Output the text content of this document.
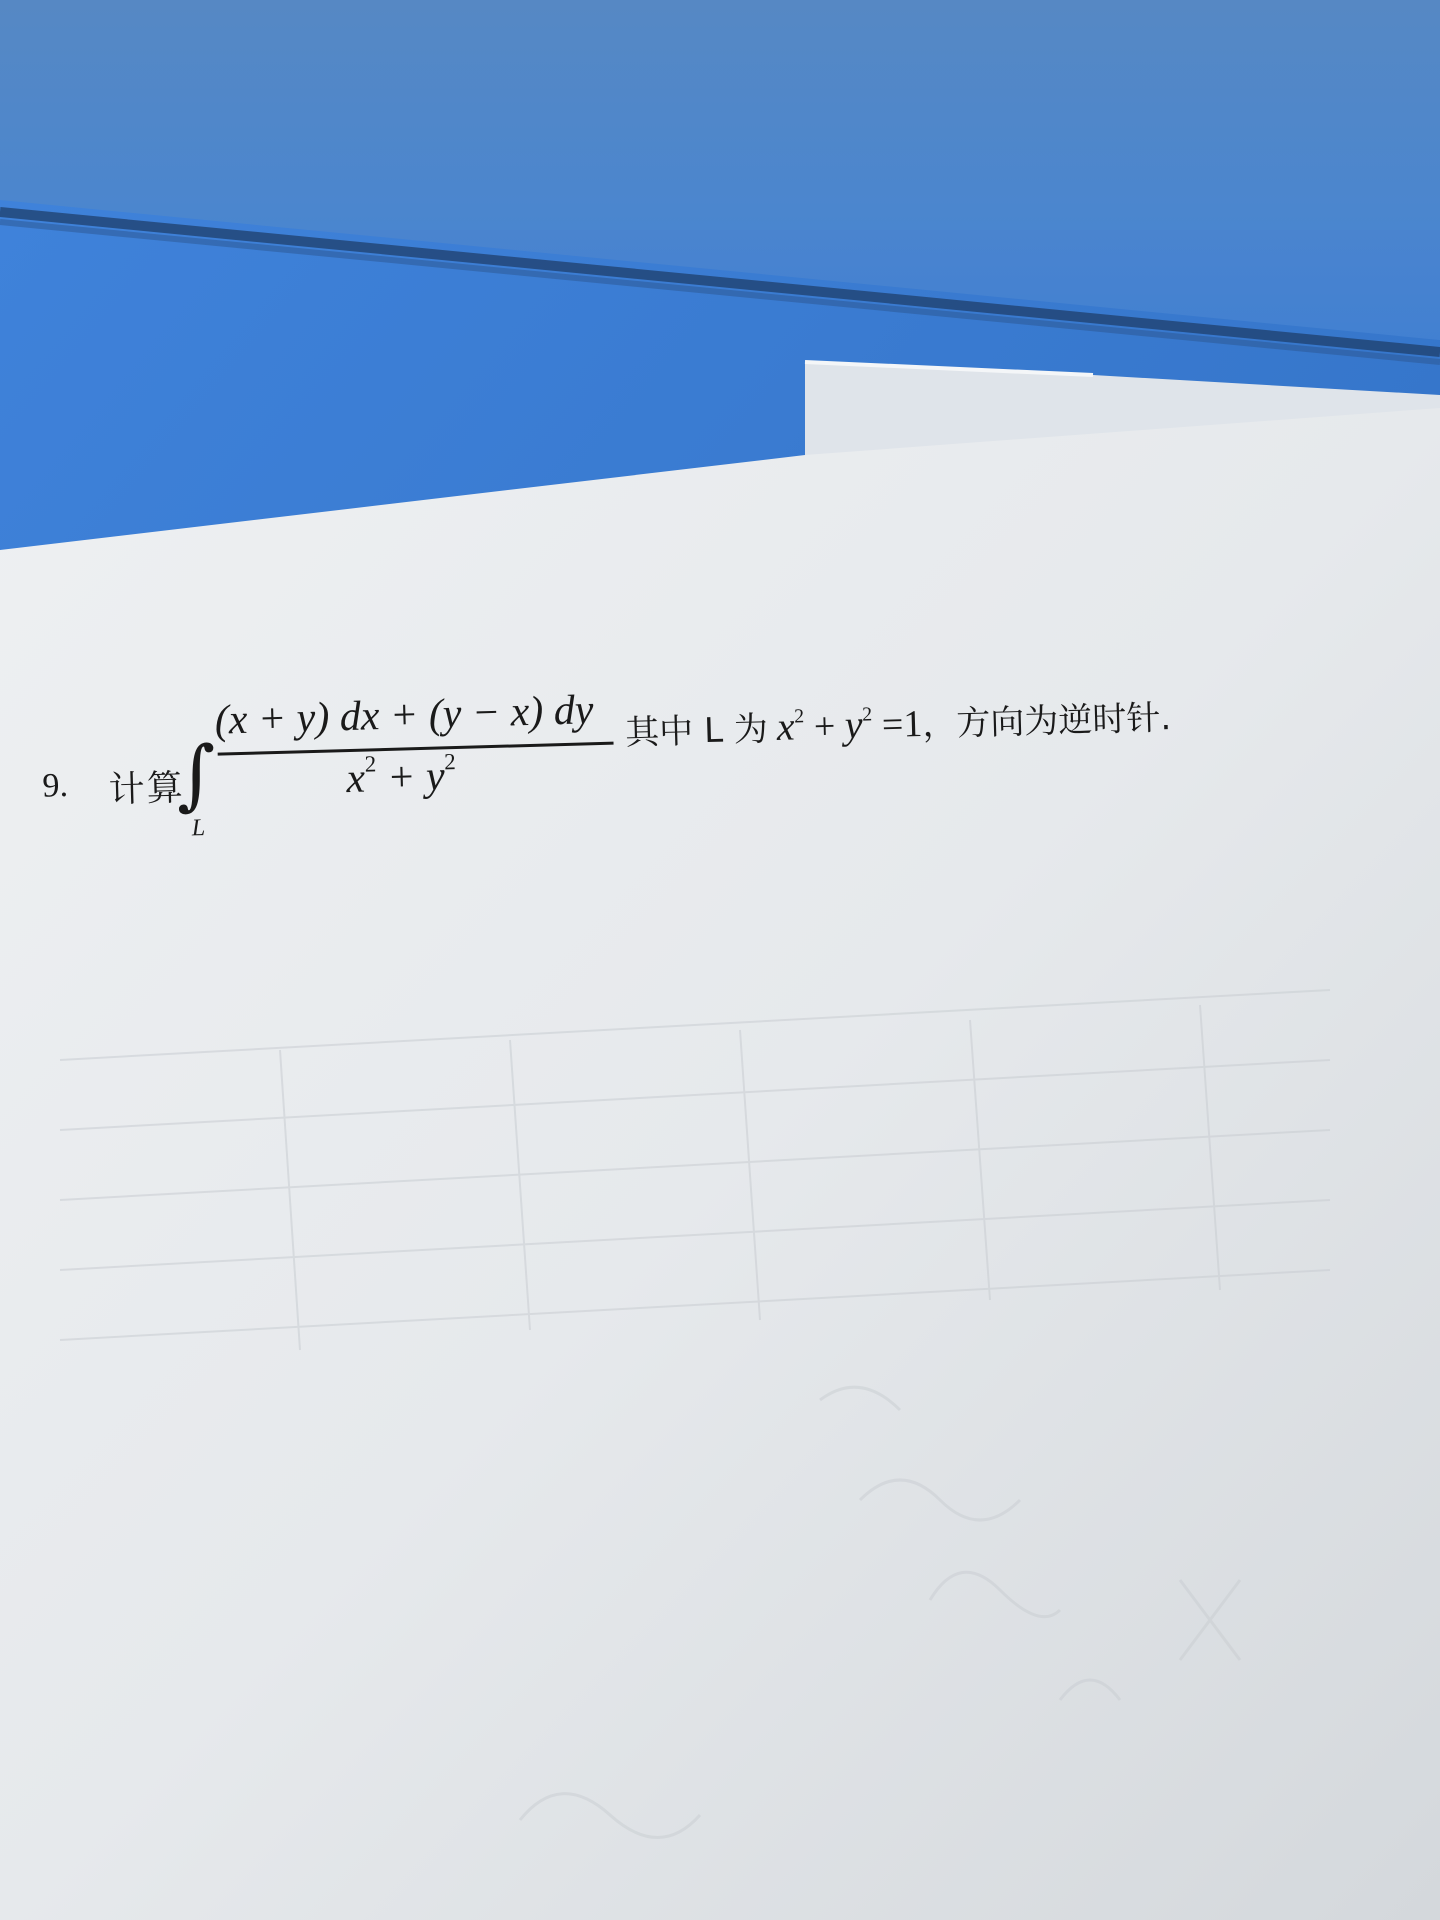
9. 计算
∫
L
(x + y) dx + (y − x) dy
$x^2 + y^2$
其中 L 为 $x^2 + y^2 =1$，方向为逆时针.
